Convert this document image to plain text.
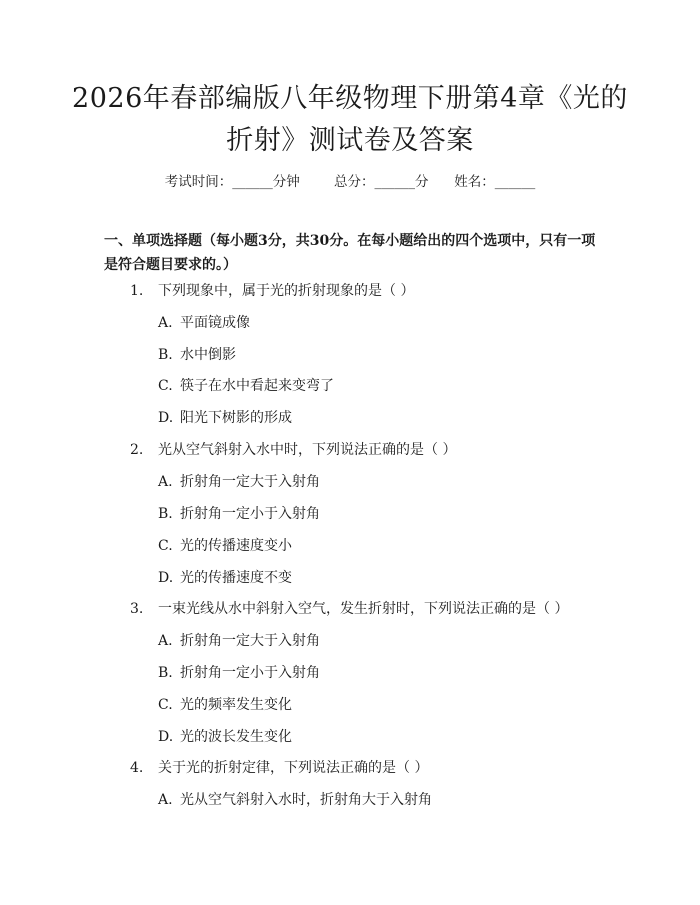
2026年春部编版八年级物理下册第4章《光的折射》测试卷及答案
考试时间：______分钟	总分：______分 姓名：______

一、单项选择题（每小题3分，共30分。在每小题给出的四个选项中，只有一项是符合题目要求的。）

1. 下列现象中，属于光的折射现象的是（ ）
A. 平面镜成像
B. 水中倒影
C. 筷子在水中看起来变弯了
D. 阳光下树影的形成
2. 光从空气斜射入水中时，下列说法正确的是（ ）
A. 折射角一定大于入射角
B. 折射角一定小于入射角
C. 光的传播速度变小
D. 光的传播速度不变
3. 一束光线从水中斜射入空气，发生折射时，下列说法正确的是（ ）
A. 折射角一定大于入射角
B. 折射角一定小于入射角
C. 光的频率发生变化
D. 光的波长发生变化
4. 关于光的折射定律，下列说法正确的是（ ）
A. 光从空气斜射入水时，折射角大于入射角
